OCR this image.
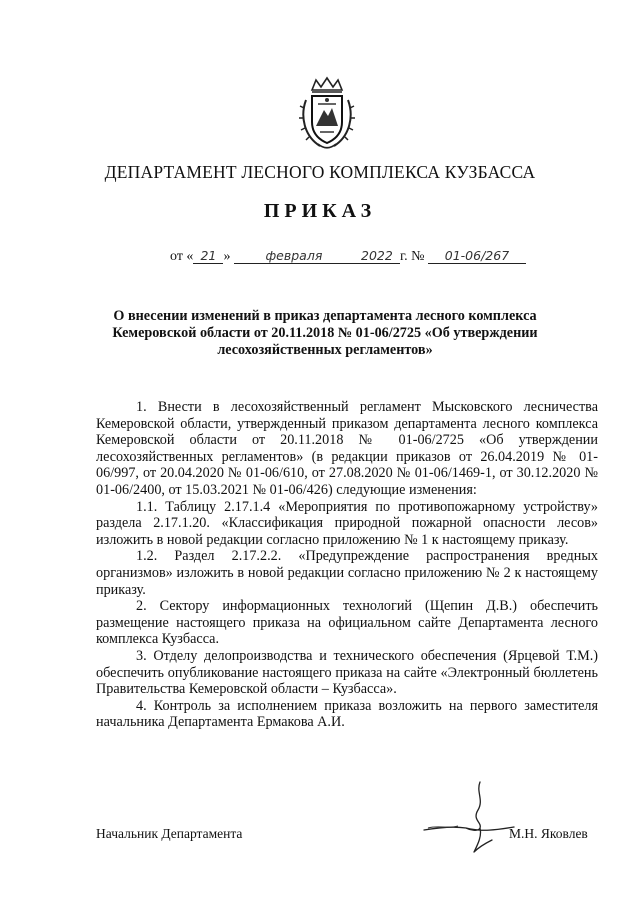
ДЕПАРТАМЕНТ ЛЕСНОГО КОМПЛЕКСА КУЗБАССА
ПРИКАЗ
от « 21 »	февраля	2022 г. № 01-06/267
О внесении изменений в приказ департамента лесного комплекса Кемеровской области от 20.11.2018 № 01-06/2725 «Об утверждении лесохозяйственных регламентов»

1. Внести в лесохозяйственный регламент Мысковского лесничества Кемеровской области, утвержденный приказом департамента лесного комплекса Кемеровской области от 20.11.2018 № 01-06/2725 «Об утверждении лесохозяйственных регламентов» (в редакции приказов от 26.04.2019 № 01-06/997, от 20.04.2020 № 01-06/610, от 27.08.2020 № 01-06/1469-1, от 30.12.2020 № 01-06/2400, от 15.03.2021 № 01-06/426) следующие изменения:

1.1. Таблицу 2.17.1.4 «Мероприятия по противопожарному устройству» раздела 2.17.1.20. «Классификация природной пожарной опасности лесов» изложить в новой редакции согласно приложению № 1 к настоящему приказу.

1.2. Раздел 2.17.2.2. «Предупреждение распространения вредных организмов» изложить в новой редакции согласно приложению № 2 к настоящему приказу.

2. Сектору информационных технологий (Щепин Д.В.) обеспечить размещение настоящего приказа на официальном сайте Департамента лесного комплекса Кузбасса.

3. Отделу делопроизводства и технического обеспечения (Ярцевой Т.М.) обеспечить опубликование настоящего приказа на сайте «Электронный бюллетень Правительства Кемеровской области – Кузбасса».

4. Контроль за исполнением приказа возложить на первого заместителя начальника Департамента Ермакова А.И.

Начальник Департамента	М.Н. Яковлев
